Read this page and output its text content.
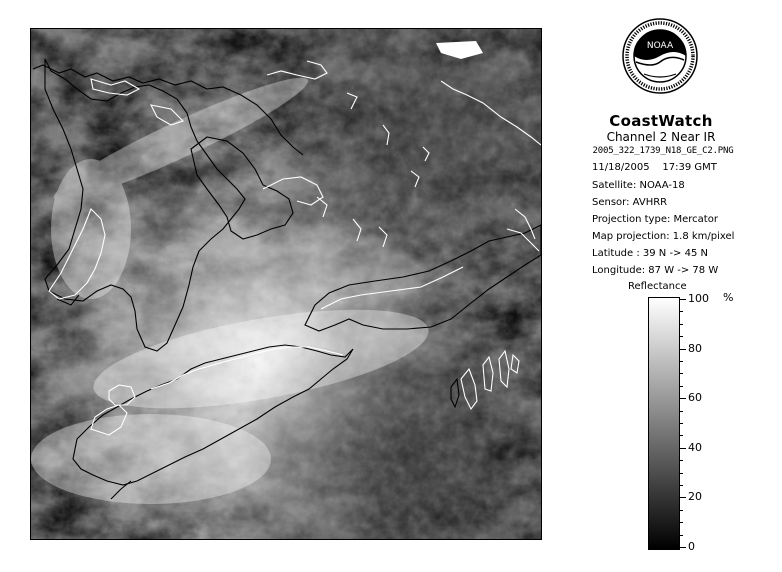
NOAA
CoastWatch
Channel 2 Near IR
2005_322_1739_N18_GE_C2.PNG
11/18/2005 17:39 GMT
Satellite: NOAA-18
Sensor: AVHRR
Projection type: Mercator
Map projection: 1.8 km/pixel
Latitude : 39 N -> 45 N
Longitude: 87 W -> 78 W
Reflectance
%
100
80
60
40
20
0
